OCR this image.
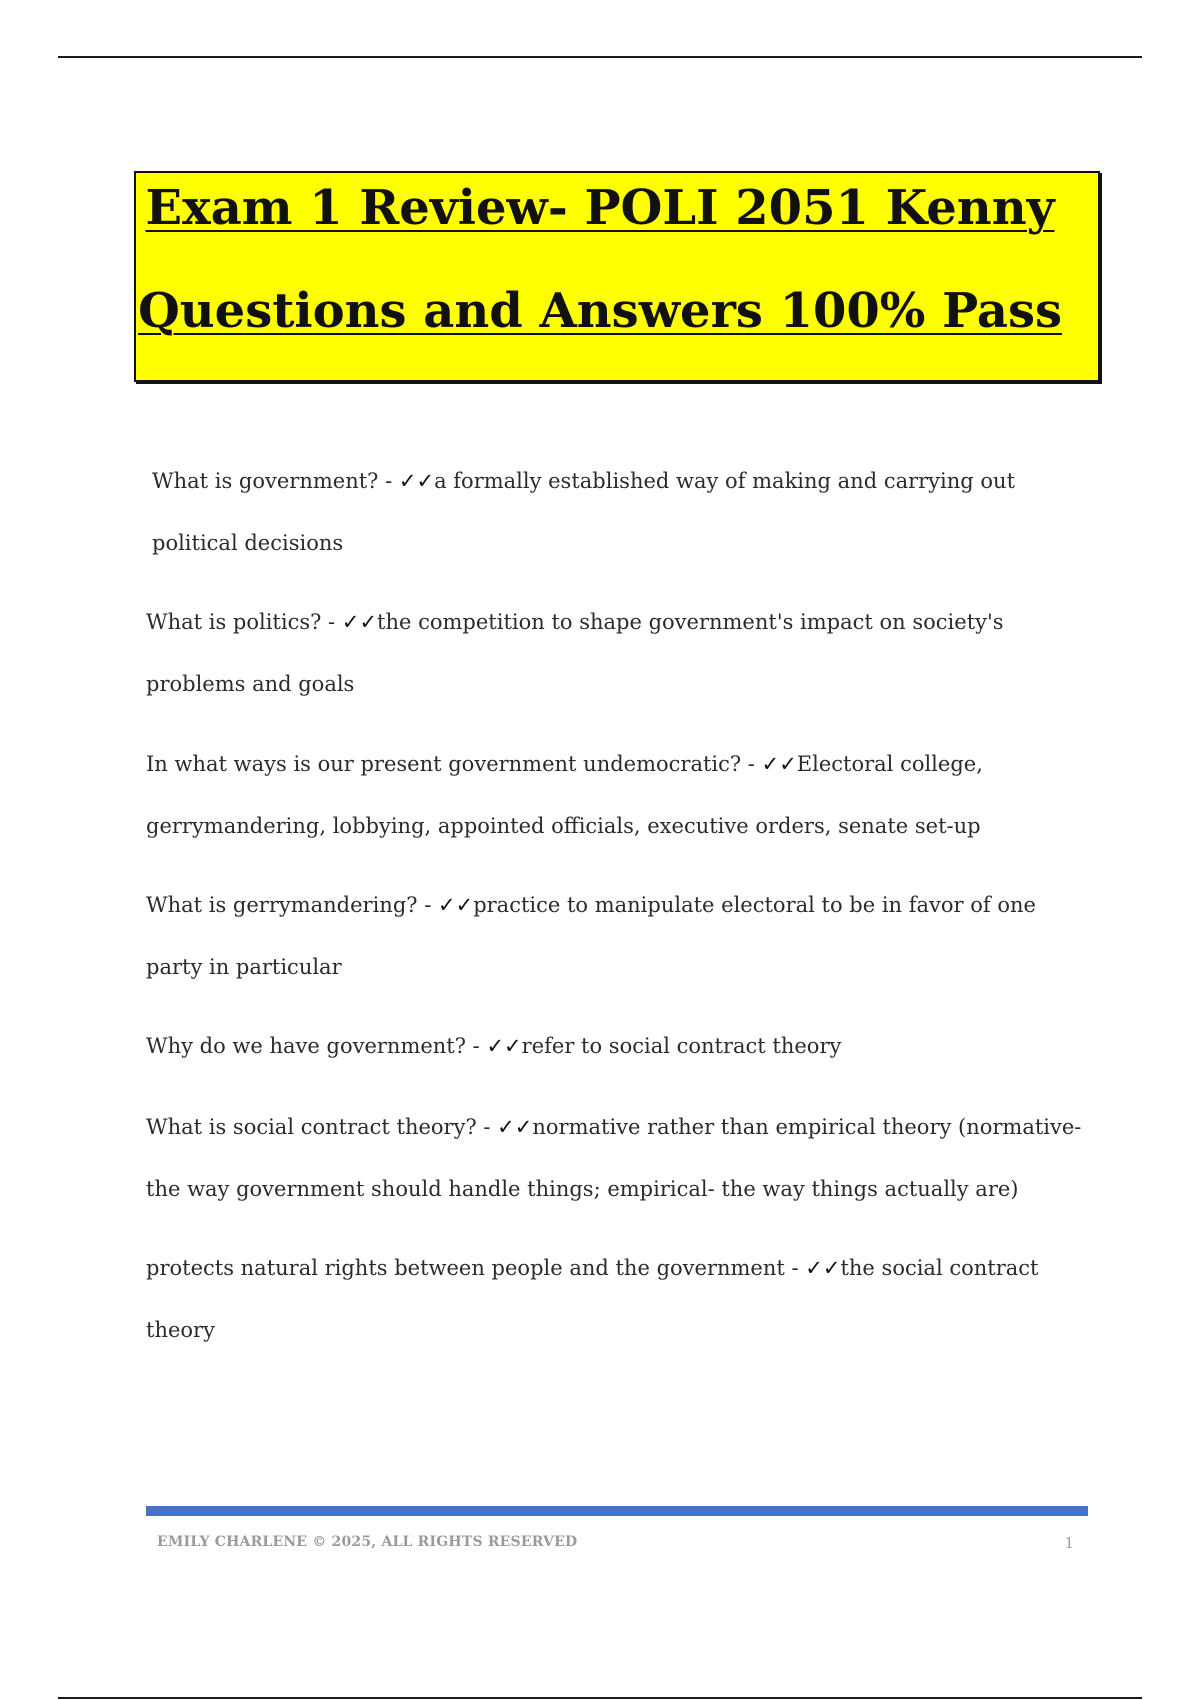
Exam 1 Review- POLI 2051 Kenny
Questions and Answers 100% Pass
What is government? - ✓✓a formally established way of making and carrying out political decisions
What is politics? - ✓✓the competition to shape government's impact on society's problems and goals
In what ways is our present government undemocratic? - ✓✓Electoral college, gerrymandering, lobbying, appointed officials, executive orders, senate set-up
What is gerrymandering? - ✓✓practice to manipulate electoral to be in favor of one party in particular
Why do we have government? - ✓✓refer to social contract theory
What is social contract theory? - ✓✓normative rather than empirical theory (normative- the way government should handle things; empirical- the way things actually are)
protects natural rights between people and the government - ✓✓the social contract theory
EMILY CHARLENE © 2025, ALL RIGHTS RESERVED	1
